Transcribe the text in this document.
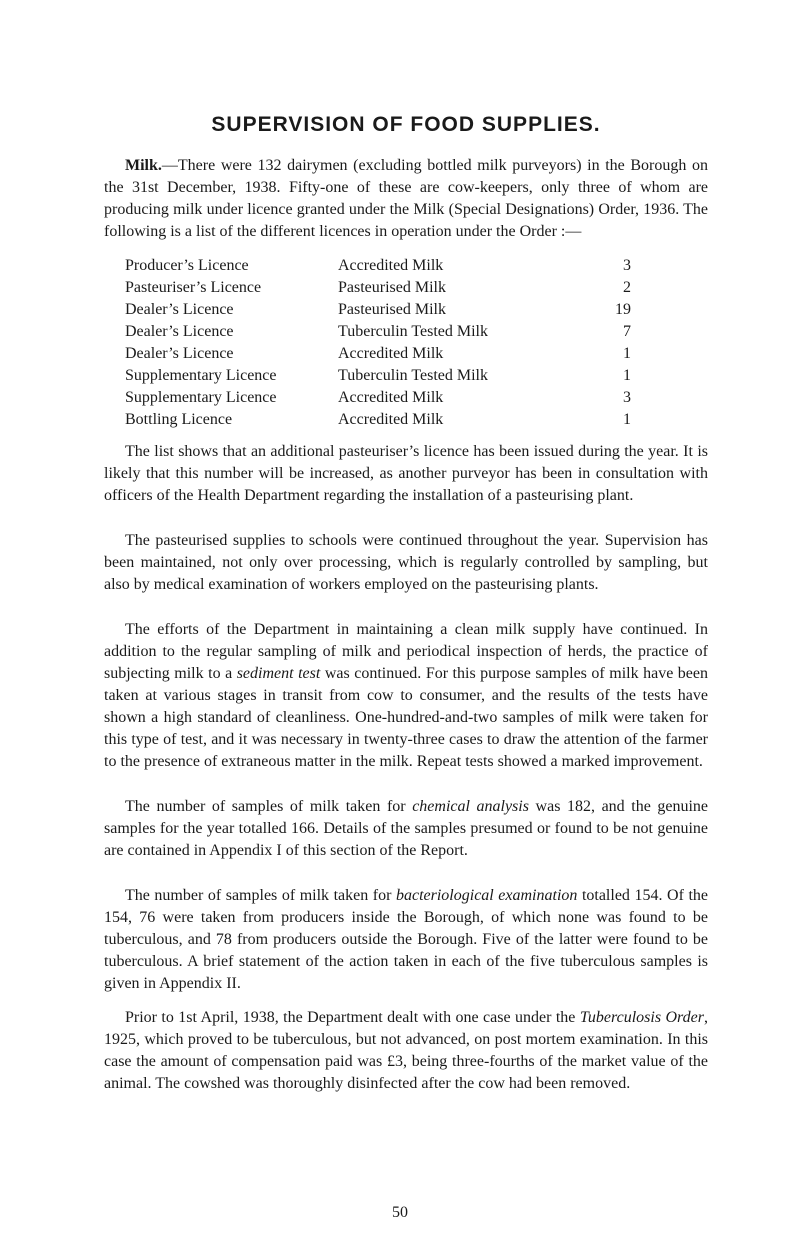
SUPERVISION OF FOOD SUPPLIES.

Milk.—There were 132 dairymen (excluding bottled milk purveyors) in the Borough on the 31st December, 1938. Fifty-one of these are cow-keepers, only three of whom are producing milk under licence granted under the Milk (Special Designations) Order, 1936. The following is a list of the different licences in operation under the Order :—

Producer’s Licence	Accredited Milk	3
Pasteuriser’s Licence	Pasteurised Milk	2
Dealer’s Licence	Pasteurised Milk	19
Dealer’s Licence	Tuberculin Tested Milk	7
Dealer’s Licence	Accredited Milk	1
Supplementary Licence	Tuberculin Tested Milk	1
Supplementary Licence	Accredited Milk	3
Bottling Licence	Accredited Milk	1

The list shows that an additional pasteuriser’s licence has been issued during the year. It is likely that this number will be increased, as another purveyor has been in consultation with officers of the Health Department regarding the installation of a pasteurising plant.

The pasteurised supplies to schools were continued throughout the year. Supervision has been maintained, not only over processing, which is regularly controlled by sampling, but also by medical examination of workers employed on the pasteurising plants.

The efforts of the Department in maintaining a clean milk supply have continued. In addition to the regular sampling of milk and periodical inspection of herds, the practice of subjecting milk to a sediment test was continued. For this purpose samples of milk have been taken at various stages in transit from cow to consumer, and the results of the tests have shown a high standard of cleanliness. One-hundred-and-two samples of milk were taken for this type of test, and it was necessary in twenty-three cases to draw the attention of the farmer to the presence of extraneous matter in the milk. Repeat tests showed a marked improvement.

The number of samples of milk taken for chemical analysis was 182, and the genuine samples for the year totalled 166. Details of the samples presumed or found to be not genuine are contained in Appendix I of this section of the Report.

The number of samples of milk taken for bacteriological examination totalled 154. Of the 154, 76 were taken from producers inside the Borough, of which none was found to be tuberculous, and 78 from producers outside the Borough. Five of the latter were found to be tuberculous. A brief statement of the action taken in each of the five tuberculous samples is given in Appendix II.

Prior to 1st April, 1938, the Department dealt with one case under the Tuberculosis Order, 1925, which proved to be tuberculous, but not advanced, on post mortem examination. In this case the amount of compensation paid was £3, being three-fourths of the market value of the animal. The cowshed was thoroughly disinfected after the cow had been removed.

50
